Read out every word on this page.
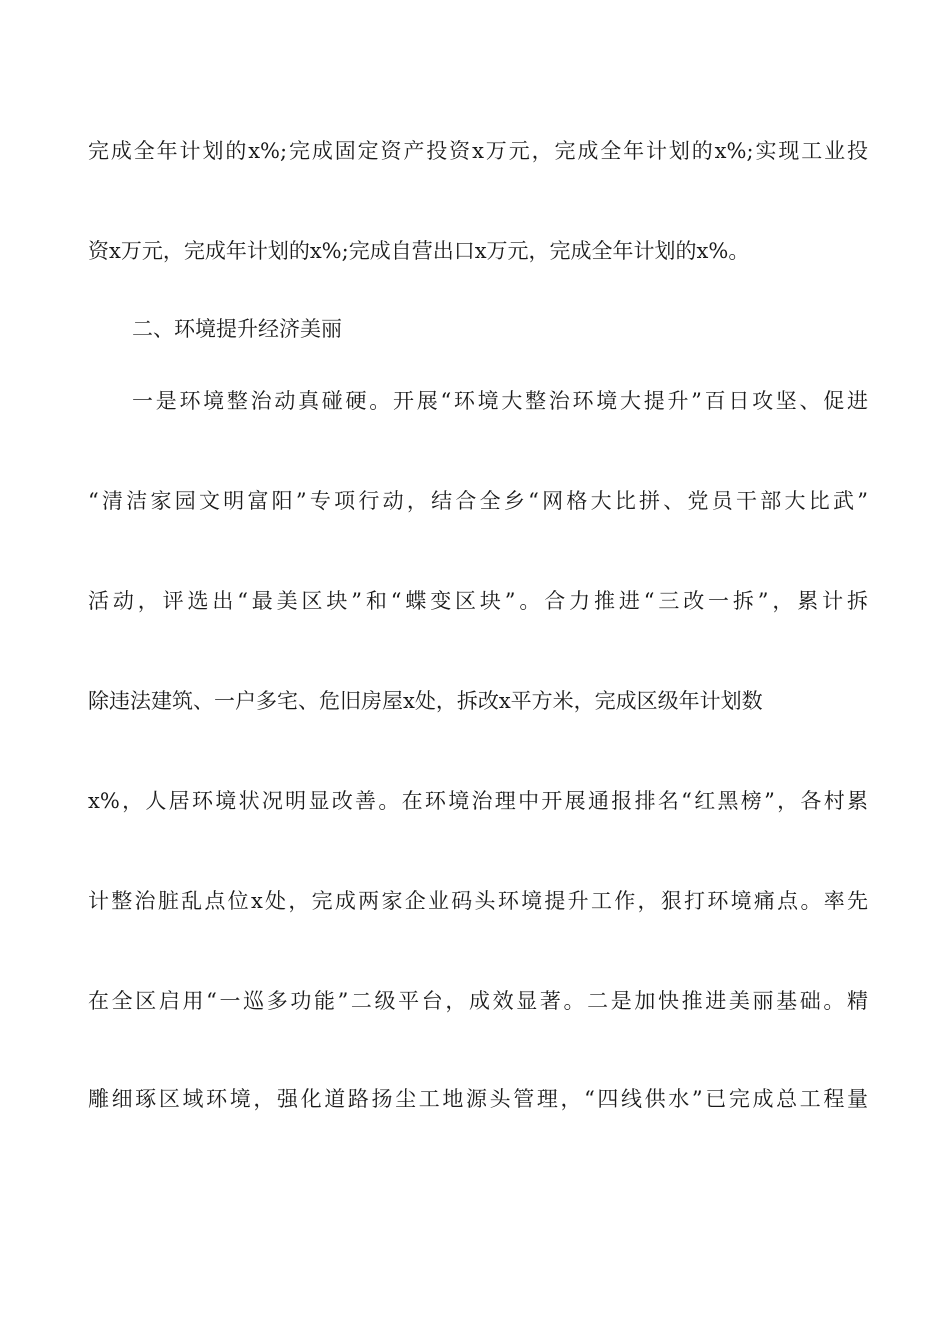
完成全年计划的x%;完成固定资产投资x万元，完成全年计划的x%;实现工业投
资x万元，完成年计划的x%;完成自营出口x万元，完成全年计划的x%。
二、环境提升经济美丽
一是环境整治动真碰硬。开展“环境大整治环境大提升”百日攻坚、促进
“清洁家园文明富阳”专项行动，结合全乡“网格大比拼、党员干部大比武”
活动，评选出“最美区块”和“蝶变区块”。合力推进“三改一拆”，累计拆
除违法建筑、一户多宅、危旧房屋x处，拆改x平方米，完成区级年计划数
x%，人居环境状况明显改善。在环境治理中开展通报排名“红黑榜”，各村累
计整治脏乱点位x处，完成两家企业码头环境提升工作，狠打环境痛点。率先
在全区启用“一巡多功能”二级平台，成效显著。二是加快推进美丽基础。精
雕细琢区域环境，强化道路扬尘工地源头管理，“四线供水”已完成总工程量
